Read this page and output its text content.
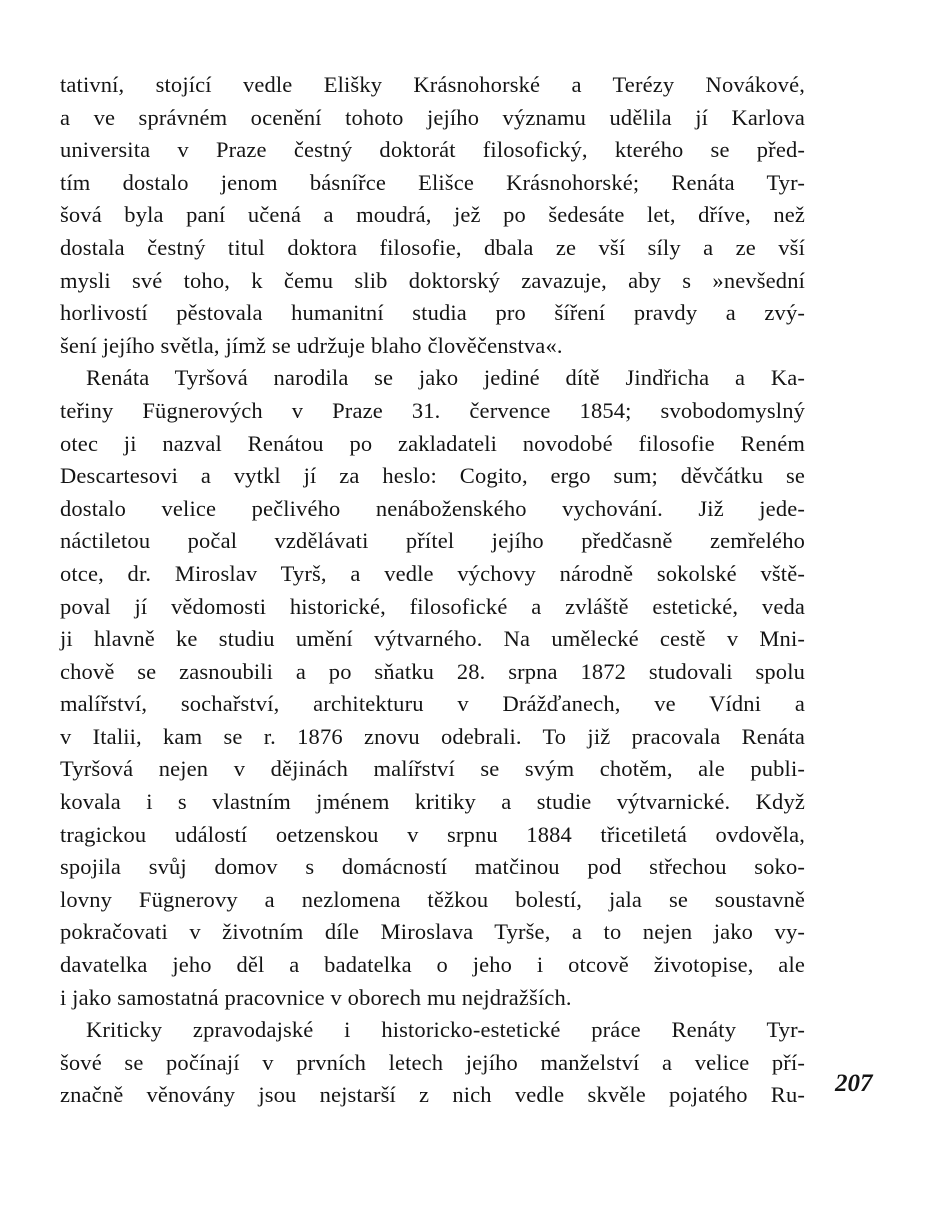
tativní, stojící vedle Elišky Krásnohorské a Terézy Novákové,
a ve správném ocenění tohoto jejího významu udělila jí Karlova
universita v Praze čestný doktorát filosofický, kterého se před-
tím dostalo jenom básnířce Elišce Krásnohorské; Renáta Tyr-
šová byla paní učená a moudrá, jež po šedesáte let, dříve, než
dostala čestný titul doktora filosofie, dbala ze vší síly a ze vší
mysli své toho, k čemu slib doktorský zavazuje, aby s »nevšední
horlivostí pěstovala humanitní studia pro šíření pravdy a zvý-
šení jejího světla, jímž se udržuje blaho člověčenstva«.
Renáta Tyršová narodila se jako jediné dítě Jindřicha a Ka-
teřiny Fügnerových v Praze 31. července 1854; svobodomyslný
otec ji nazval Renátou po zakladateli novodobé filosofie Reném
Descartesovi a vytkl jí za heslo: Cogito, ergo sum; děvčátku se
dostalo velice pečlivého nenáboženského vychování. Již jede-
náctiletou počal vzdělávati přítel jejího předčasně zemřelého
otce, dr. Miroslav Tyrš, a vedle výchovy národně sokolské vště-
poval jí vědomosti historické, filosofické a zvláště estetické, veda
ji hlavně ke studiu umění výtvarného. Na umělecké cestě v Mni-
chově se zasnoubili a po sňatku 28. srpna 1872 studovali spolu
malířství, sochařství, architekturu v Drážďanech, ve Vídni a
v Italii, kam se r. 1876 znovu odebrali. To již pracovala Renáta
Tyršová nejen v dějinách malířství se svým chotěm, ale publi-
kovala i s vlastním jménem kritiky a studie výtvarnické. Když
tragickou událostí oetzenskou v srpnu 1884 třicetiletá ovdověla,
spojila svůj domov s domácností matčinou pod střechou soko-
lovny Fügnerovy a nezlomena těžkou bolestí, jala se soustavně
pokračovati v životním díle Miroslava Tyrše, a to nejen jako vy-
davatelka jeho děl a badatelka o jeho i otcově životopise, ale
i jako samostatná pracovnice v oborech mu nejdražších.
Kriticky zpravodajské i historicko-estetické práce Renáty Tyr-
šové se počínají v prvních letech jejího manželství a velice pří-
značně věnovány jsou nejstarší z nich vedle skvěle pojatého Ru- 207
